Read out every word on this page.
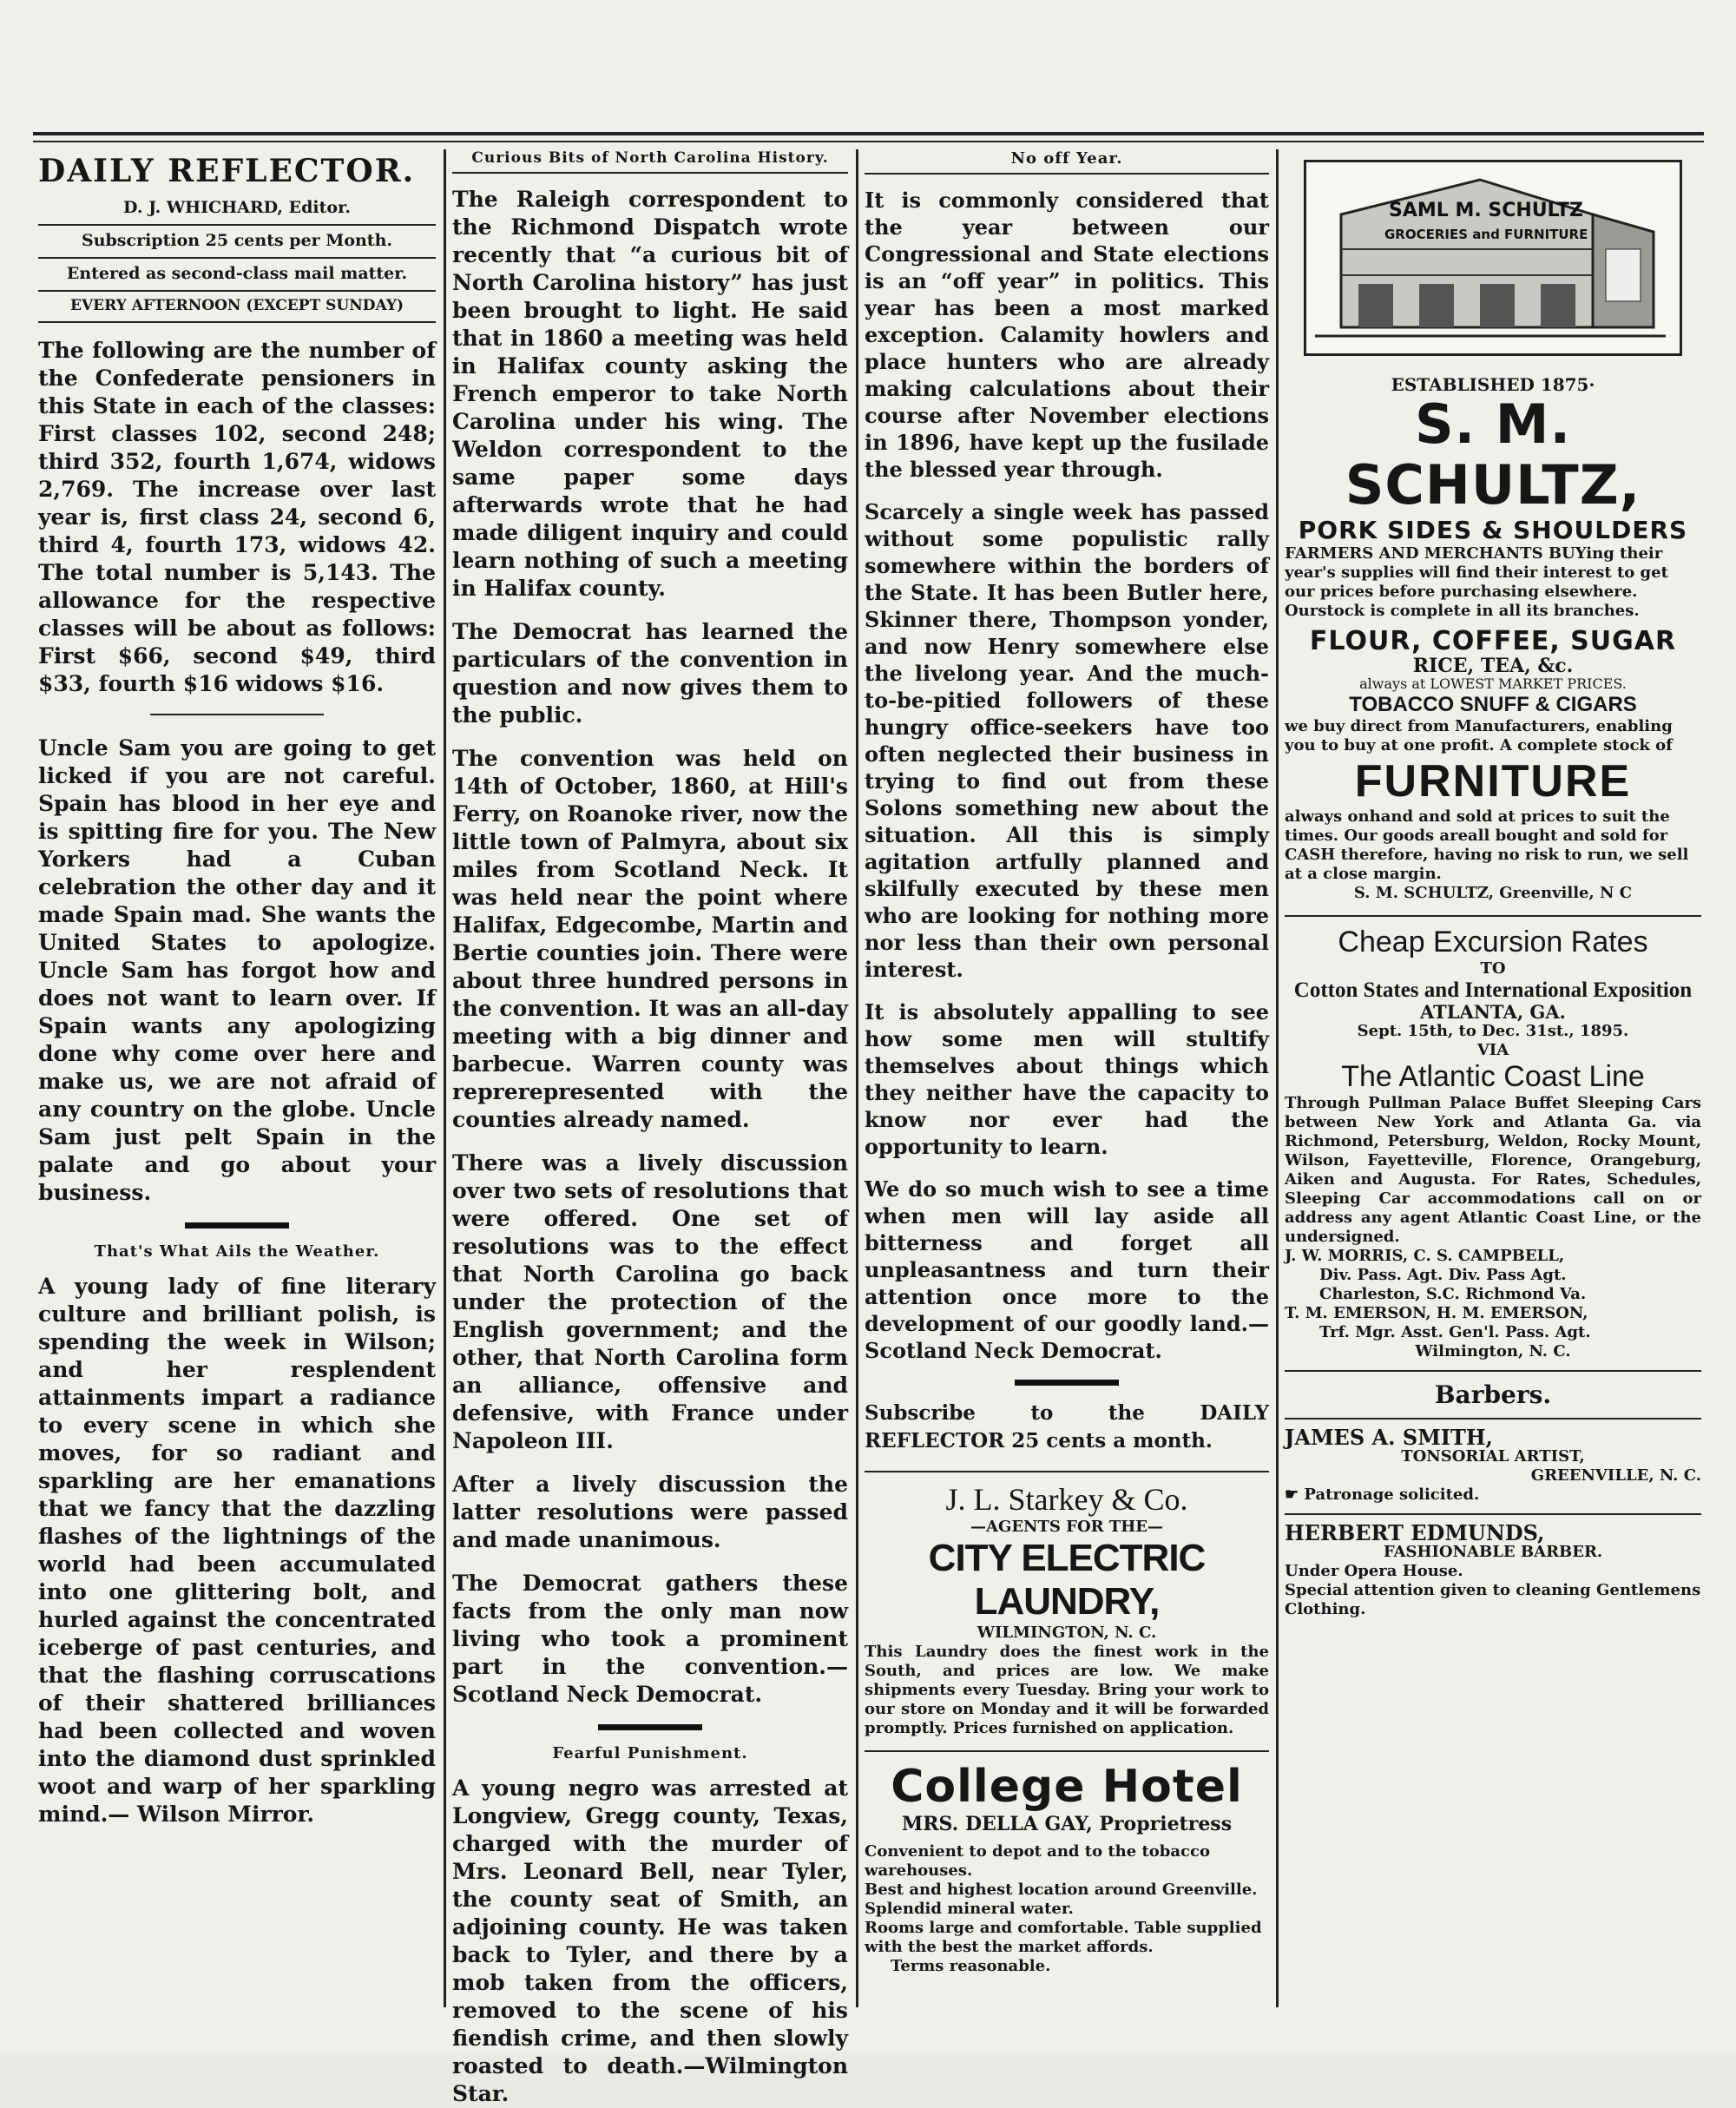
DAILY REFLECTOR.
D. J. WHICHARD, Editor.
Subscription 25 cents per Month.
Entered as second-class mail matter.
EVERY AFTERNOON (EXCEPT SUNDAY)

The following are the number of the Confederate pensioners in this State in each of the classes: First classes 102, second 248; third 352, fourth 1,674, widows 2,769. The increase over last year is, first class 24, second 6, third 4, fourth 173, widows 42. The total number is 5,143. The allowance for the respective classes will be about as follows: First $66, second $49, third $33, fourth $16 widows $16.

Uncle Sam you are going to get licked if you are not careful. Spain has blood in her eye and is spitting fire for you. The New Yorkers had a Cuban celebration the other day and it made Spain mad. She wants the United States to apologize. Uncle Sam has forgot how and does not want to learn over. If Spain wants any apologizing done why come over here and make us, we are not afraid of any country on the globe. Uncle Sam just pelt Spain in the palate and go about your business.

That's What Ails the Weather.

A young lady of fine literary culture and brilliant polish, is spending the week in Wilson; and her resplendent attainments impart a radiance to every scene in which she moves, for so radiant and sparkling are her emanations that we fancy that the dazzling flashes of the lightnings of the world had been accumulated into one glittering bolt, and hurled against the concentrated iceberge of past centuries, and that the flashing corruscations of their shattered brilliances had been collected and woven into the diamond dust sprinkled woot and warp of her sparkling mind.— Wilson Mirror.

Curious Bits of North Carolina History.

The Raleigh correspondent to the Richmond Dispatch wrote recently that “a curious bit of North Carolina history” has just been brought to light. He said that in 1860 a meeting was held in Halifax county asking the French emperor to take North Carolina under his wing. The Weldon correspondent to the same paper some days afterwards wrote that he had made diligent inquiry and could learn nothing of such a meeting in Halifax county.

The Democrat has learned the particulars of the convention in question and now gives them to the public.

The convention was held on 14th of October, 1860, at Hill's Ferry, on Roanoke river, now the little town of Palmyra, about six miles from Scotland Neck. It was held near the point where Halifax, Edgecombe, Martin and Bertie counties join. There were about three hundred persons in the convention. It was an all-day meeting with a big dinner and barbecue. Warren county was reprerepresented with the counties already named.

There was a lively discussion over two sets of resolutions that were offered. One set of resolutions was to the effect that North Carolina go back under the protection of the English government; and the other, that North Carolina form an alliance, offensive and defensive, with France under Napoleon III.

After a lively discussion the latter resolutions were passed and made unanimous.

The Democrat gathers these facts from the only man now living who took a prominent part in the convention.—Scotland Neck Democrat.

Fearful Punishment.

A young negro was arrested at Longview, Gregg county, Texas, charged with the murder of Mrs. Leonard Bell, near Tyler, the county seat of Smith, an adjoining county. He was taken back to Tyler, and there by a mob taken from the officers, removed to the scene of his fiendish crime, and then slowly roasted to death.—Wilmington Star.

No off Year.

It is commonly considered that the year between our Congressional and State elections is an “off year” in politics. This year has been a most marked exception. Calamity howlers and place hunters who are already making calculations about their course after November elections in 1896, have kept up the fusilade the blessed year through.

Scarcely a single week has passed without some populistic rally somewhere within the borders of the State. It has been Butler here, Skinner there, Thompson yonder, and now Henry somewhere else the livelong year. And the much-to-be-pitied followers of these hungry office-seekers have too often neglected their business in trying to find out from these Solons something new about the situation. All this is simply agitation artfully planned and skilfully executed by these men who are looking for nothing more nor less than their own personal interest.

It is absolutely appalling to see how some men will stultify themselves about things which they neither have the capacity to know nor ever had the opportunity to learn.

We do so much wish to see a time when men will lay aside all bitterness and forget all unpleasantness and turn their attention once more to the development of our goodly land.—Scotland Neck Democrat.

Subscribe to the DAILY REFLECTOR 25 cents a month.

J. L. Starkey & Co.
—AGENTS FOR THE—
CITY ELECTRIC LAUNDRY,
WILMINGTON, N. C.
This Laundry does the finest work in the South, and prices are low. We make shipments every Tuesday. Bring your work to our store on Monday and it will be forwarded promptly. Prices furnished on application.
College Hotel
MRS. DELLA GAY, Proprietress
Convenient to depot and to the tobacco warehouses.
Best and highest location around Greenville. Splendid mineral water.
Rooms large and comfortable. Table supplied with the best the market affords.
Terms reasonable.
SAML M. SCHULTZ
GROCERIES and FURNITURE
ESTABLISHED 1875·
S. M. SCHULTZ,
PORK SIDES & SHOULDERS
FARMERS AND MERCHANTS BUYing their year's supplies will find their interest to get our prices before purchasing elsewhere. Ourstock is complete in all its branches.
FLOUR, COFFEE, SUGAR
RICE, TEA, &c.
always at LOWEST MARKET PRICES.
TOBACCO SNUFF & CIGARS
we buy direct from Manufacturers, enabling you to buy at one profit. A complete stock of
FURNITURE
always onhand and sold at prices to suit the times. Our goods areall bought and sold for CASH therefore, having no risk to run, we sell at a close margin.
S. M. SCHULTZ, Greenville, N C
Cheap Excursion Rates
TO
Cotton States and International Exposition
ATLANTA, GA.
Sept. 15th, to Dec. 31st., 1895.
VIA
The Atlantic Coast Line
Through Pullman Palace Buffet Sleeping Cars between New York and Atlanta Ga. via Richmond, Petersburg, Weldon, Rocky Mount, Wilson, Fayetteville, Florence, Orangeburg, Aiken and Augusta. For Rates, Schedules, Sleeping Car accommodations call on or address any agent Atlantic Coast Line, or the undersigned.
J. W. MORRIS, C. S. CAMPBELL,
Div. Pass. Agt. Div. Pass Agt.
Charleston, S.C. Richmond Va.
T. M. EMERSON, H. M. EMERSON,
Trf. Mgr. Asst. Gen'l. Pass. Agt.
Wilmington, N. C.
Barbers.
JAMES A. SMITH,
TONSORIAL ARTIST,
GREENVILLE, N. C.
☛ Patronage solicited.
HERBERT EDMUNDS,
FASHIONABLE BARBER.
Under Opera House.
Special attention given to cleaning Gentlemens Clothing.
